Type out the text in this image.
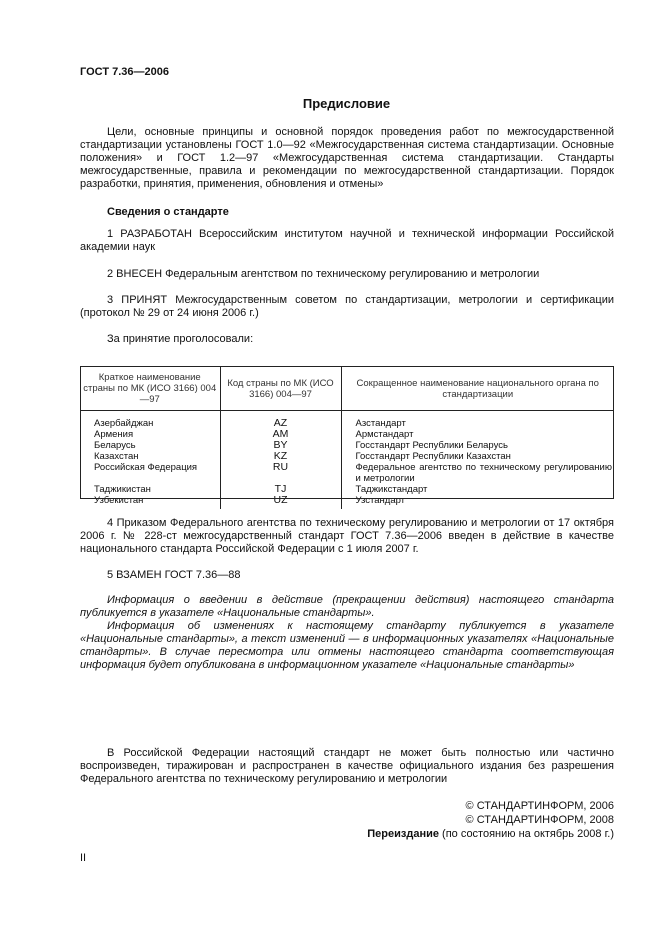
ГОСТ 7.36—2006
Предисловие
Цели, основные принципы и основной порядок проведения работ по межгосударственной стандартизации установлены ГОСТ 1.0—92 «Межгосударственная система стандартизации. Основные положения» и ГОСТ 1.2—97 «Межгосударственная система стандартизации. Стандарты межгосударственные, правила и рекомендации по межгосударственной стандартизации. Порядок разработки, принятия, применения, обновления и отмены»
Сведения о стандарте
1 РАЗРАБОТАН Всероссийским институтом научной и технической информации Российской академии наук
2 ВНЕСЕН Федеральным агентством по техническому регулированию и метрологии
3 ПРИНЯТ Межгосударственным советом по стандартизации, метрологии и сертификации (протокол № 29 от 24 июня 2006 г.)
За принятие проголосовали:
Краткое наименование страны по МК (ИСО 3166) 004—97	Код страны по МК (ИСО 3166) 004—97	Сокращенное наименование национального органа по стандартизации
Азербайджан	AZ	Азстандарт
Армения	AM	Армстандарт
Беларусь	BY	Госстандарт Республики Беларусь
Казахстан	KZ	Госстандарт Республики Казахстан
Российская Федерация	RU	Федеральное агентство по техническому регулированию и метрологии
Таджикистан	TJ	Таджикстандарт
Узбекистан	UZ	Узстандарт
4 Приказом Федерального агентства по техническому регулированию и метрологии от 17 октября 2006 г. № 228-ст межгосударственный стандарт ГОСТ 7.36—2006 введен в действие в качестве национального стандарта Российской Федерации с 1 июля 2007 г.
5 ВЗАМЕН ГОСТ 7.36—88
Информация о введении в действие (прекращении действия) настоящего стандарта публикуется в указателе «Национальные стандарты».
Информация об изменениях к настоящему стандарту публикуется в указателе «Национальные стандарты», а текст изменений — в информационных указателях «Национальные стандарты». В случае пересмотра или отмены настоящего стандарта соответствующая информация будет опубликована в информационном указателе «Национальные стандарты»
В Российской Федерации настоящий стандарт не может быть полностью или частично воспроизведен, тиражирован и распространен в качестве официального издания без разрешения Федерального агентства по техническому регулированию и метрологии
© СТАНДАРТИНФОРМ, 2006
© СТАНДАРТИНФОРМ, 2008
Переиздание (по состоянию на октябрь 2008 г.)
II
